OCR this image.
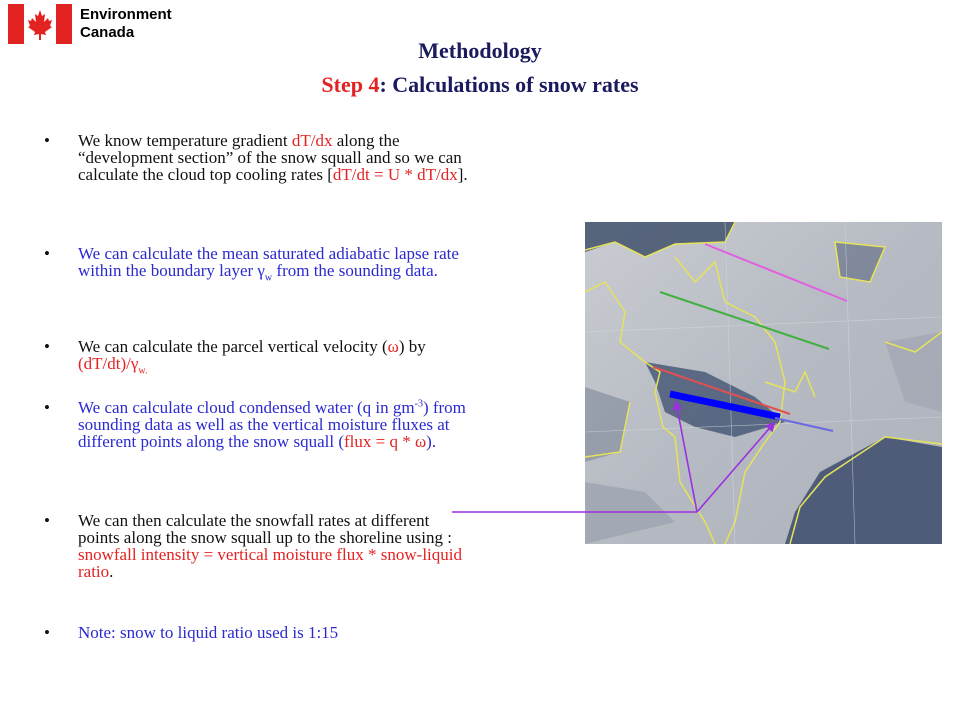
Environment
Canada
Methodology
Step 4: Calculations of snow rates
•	We know temperature gradient dT/dx along the “development section” of the snow squall and so we can calculate the cloud top cooling rates [dT/dt = U * dT/dx].
•	We can calculate the mean saturated adiabatic lapse rate within the boundary layer $\gamma_w$ from the sounding data.
•	We can calculate the parcel vertical velocity (ω) by $(dT/dt)/\gamma_{w.}$
•	We can calculate cloud condensed water (q in $gm^{-3}$) from sounding data as well as the vertical moisture fluxes at different points along the snow squall (flux = q * ω).
•	We can then calculate the snowfall rates at different points along the snow squall up to the shoreline using : snowfall intensity = vertical moisture flux * snow-liquid ratio.
•	Note: snow to liquid ratio used is 1:15
